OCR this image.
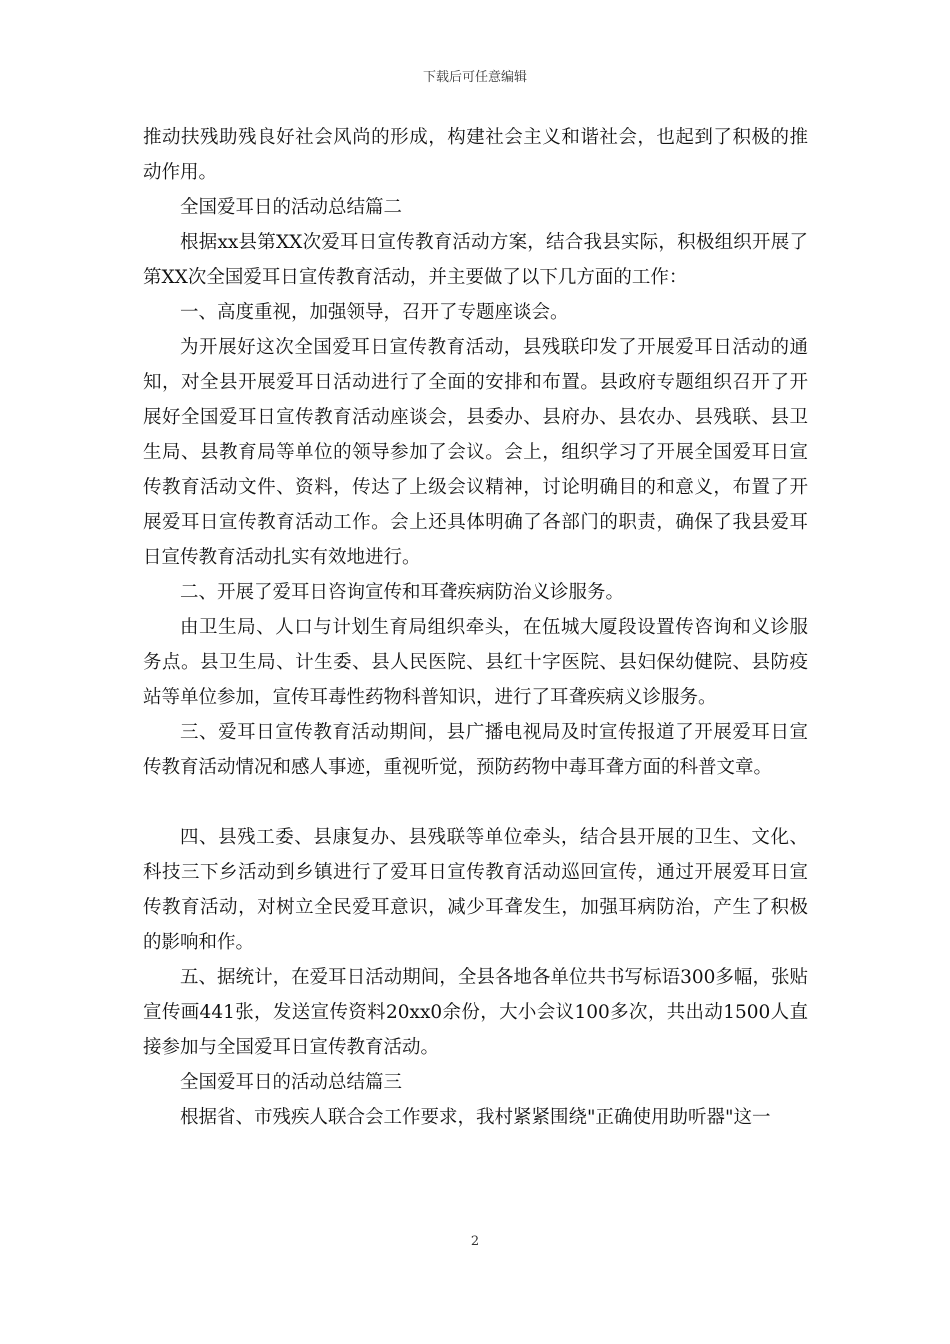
下载后可任意编辑

推动扶残助残良好社会风尚的形成，构建社会主义和谐社会，也起到了积极的推动作用。

全国爱耳日的活动总结篇二

根据xx县第XX次爱耳日宣传教育活动方案，结合我县实际，积极组织开展了第XX次全国爱耳日宣传教育活动，并主要做了以下几方面的工作：

一、高度重视，加强领导，召开了专题座谈会。

为开展好这次全国爱耳日宣传教育活动，县残联印发了开展爱耳日活动的通知，对全县开展爱耳日活动进行了全面的安排和布置。县政府专题组织召开了开展好全国爱耳日宣传教育活动座谈会，县委办、县府办、县农办、县残联、县卫生局、县教育局等单位的领导参加了会议。会上，组织学习了开展全国爱耳日宣传教育活动文件、资料，传达了上级会议精神，讨论明确目的和意义，布置了开展爱耳日宣传教育活动工作。会上还具体明确了各部门的职责，确保了我县爱耳日宣传教育活动扎实有效地进行。

二、开展了爱耳日咨询宣传和耳聋疾病防治义诊服务。

由卫生局、人口与计划生育局组织牵头，在伍城大厦段设置传咨询和义诊服务点。县卫生局、计生委、县人民医院、县红十字医院、县妇保幼健院、县防疫站等单位参加，宣传耳毒性药物科普知识，进行了耳聋疾病义诊服务。

三、爱耳日宣传教育活动期间，县广播电视局及时宣传报道了开展爱耳日宣传教育活动情况和感人事迹，重视听觉，预防药物中毒耳聋方面的科普文章。

四、县残工委、县康复办、县残联等单位牵头，结合县开展的卫生、文化、科技三下乡活动到乡镇进行了爱耳日宣传教育活动巡回宣传，通过开展爱耳日宣传教育活动，对树立全民爱耳意识，减少耳聋发生，加强耳病防治，产生了积极的影响和作。

五、据统计，在爱耳日活动期间，全县各地各单位共书写标语300多幅，张贴宣传画441张，发送宣传资料20xx0余份，大小会议100多次，共出动1500人直接参加与全国爱耳日宣传教育活动。

全国爱耳日的活动总结篇三

根据省、市残疾人联合会工作要求，我村紧紧围绕"正确使用助听器"这一

2
